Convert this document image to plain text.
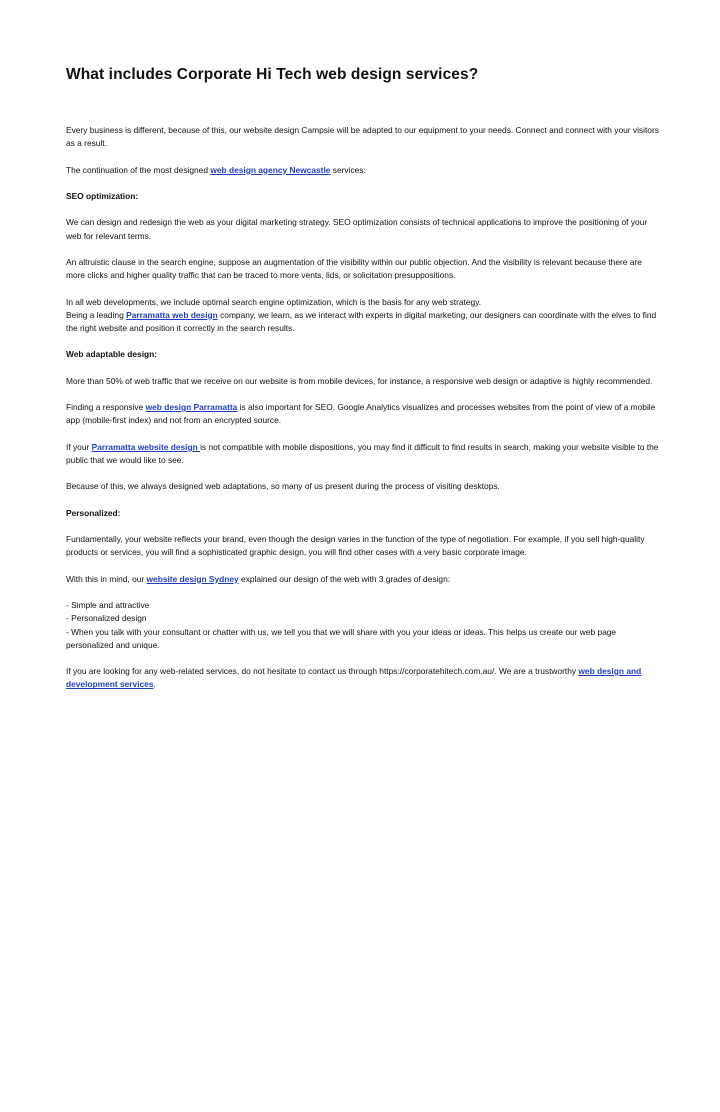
What includes Corporate Hi Tech web design services?

Every business is different, because of this, our website design Campsie will be adapted to our equipment to your needs. Connect and connect with your visitors as a result.

The continuation of the most designed web design agency Newcastle services:

SEO optimization:

We can design and redesign the web as your digital marketing strategy. SEO optimization consists of technical applications to improve the positioning of your web for relevant terms.

An altruistic clause in the search engine, suppose an augmentation of the visibility within our public objection. And the visibility is relevant because there are more clicks and higher quality traffic that can be traced to more vents, lids, or solicitation presuppositions.

In all web developments, we include optimal search engine optimization, which is the basis for any web strategy.

Being a leading Parramatta web design company, we learn, as we interact with experts in digital marketing, our designers can coordinate with the elves to find the right website and position it correctly in the search results.

Web adaptable design:

More than 50% of web traffic that we receive on our website is from mobile devices, for instance, a responsive web design or adaptive is highly recommended.

Finding a responsive web design Parramatta is also important for SEO. Google Analytics visualizes and processes websites from the point of view of a mobile app (mobile-first index) and not from an encrypted source.

If your Parramatta website design is not compatible with mobile dispositions, you may find it difficult to find results in search, making your website visible to the public that we would like to see.

Because of this, we always designed web adaptations, so many of us present during the process of visiting desktops.

Personalized:

Fundamentally, your website reflects your brand, even though the design varies in the function of the type of negotiation. For example, if you sell high-quality products or services, you will find a sophisticated graphic design, you will find other cases with a very basic corporate image.

With this in mind, our website design Sydney explained our design of the web with 3 grades of design:

- Simple and attractive

- Personalized design

- When you talk with your consultant or chatter with us, we tell you that we will share with you your ideas or ideas. This helps us create our web page personalized and unique.

If you are looking for any web-related services, do not hesitate to contact us through https://corporatehitech.com.au/. We are a trustworthy web design and development services.
